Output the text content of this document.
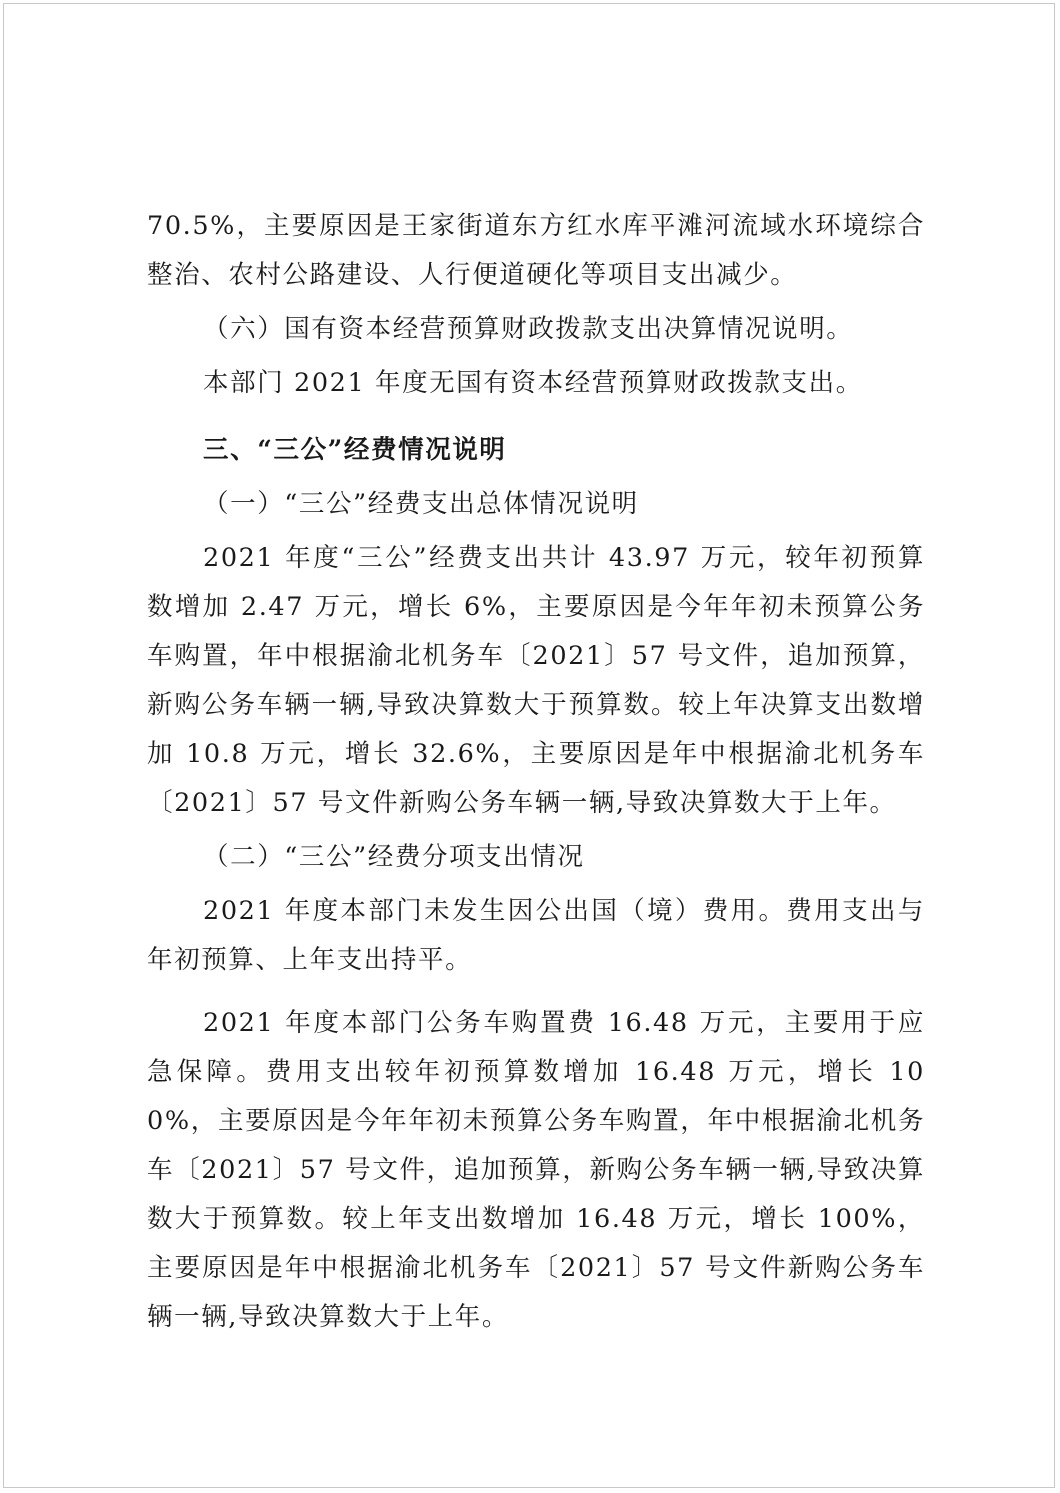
70.5%，主要原因是王家街道东方红水库平滩河流域水环境综合整治、农村公路建设、人行便道硬化等项目支出减少。

（六）国有资本经营预算财政拨款支出决算情况说明。

本部门 2021 年度无国有资本经营预算财政拨款支出。

三、“三公”经费情况说明

（一）“三公”经费支出总体情况说明

2021 年度“三公”经费支出共计 43.97 万元，较年初预算数增加 2.47 万元，增长 6%，主要原因是今年年初未预算公务车购置，年中根据渝北机务车〔2021〕57 号文件，追加预算，新购公务车辆一辆,导致决算数大于预算数。较上年决算支出数增加 10.8 万元，增长 32.6%，主要原因是年中根据渝北机务车〔2021〕57 号文件新购公务车辆一辆,导致决算数大于上年。

（二）“三公”经费分项支出情况

2021 年度本部门未发生因公出国（境）费用。费用支出与年初预算、上年支出持平。

2021 年度本部门公务车购置费 16.48 万元，主要用于应急保障。费用支出较年初预算数增加 16.48 万元，增长 100%，主要原因是今年年初未预算公务车购置，年中根据渝北机务车〔2021〕57 号文件，追加预算，新购公务车辆一辆,导致决算数大于预算数。较上年支出数增加 16.48 万元，增长 100%，主要原因是年中根据渝北机务车〔2021〕57 号文件新购公务车辆一辆,导致决算数大于上年。
